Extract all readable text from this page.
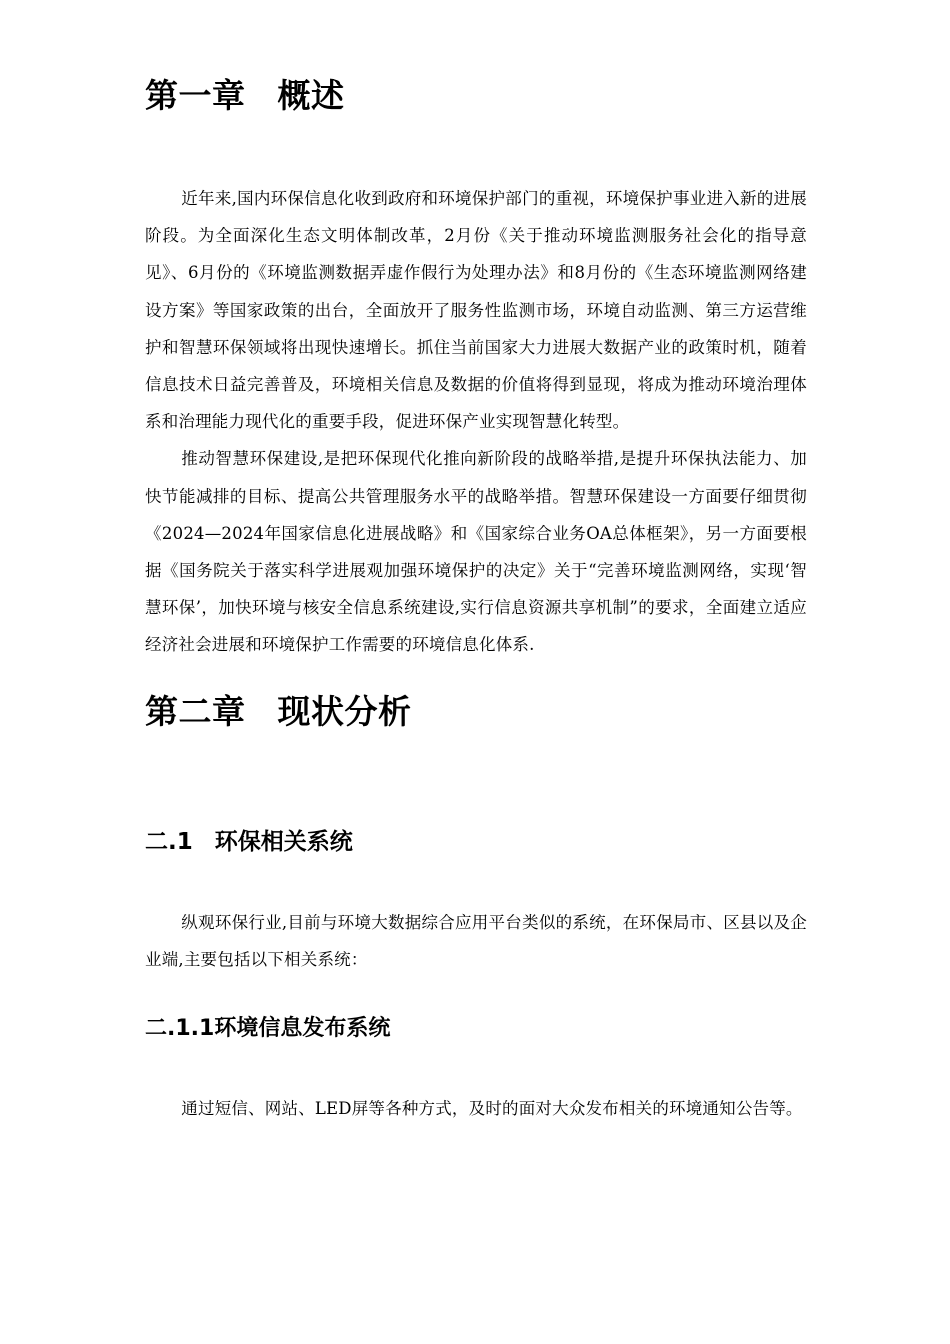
第一章 概述

近年来,国内环保信息化收到政府和环境保护部门的重视，环境保护事业进入新的进展阶段。为全面深化生态文明体制改革，2月份《关于推动环境监测服务社会化的指导意见》、6月份的《环境监测数据弄虚作假行为处理办法》和8月份的《生态环境监测网络建设方案》等国家政策的出台，全面放开了服务性监测市场，环境自动监测、第三方运营维护和智慧环保领域将出现快速增长。抓住当前国家大力进展大数据产业的政策时机，随着信息技术日益完善普及，环境相关信息及数据的价值将得到显现，将成为推动环境治理体系和治理能力现代化的重要手段，促进环保产业实现智慧化转型。

推动智慧环保建设,是把环保现代化推向新阶段的战略举措,是提升环保执法能力、加快节能减排的目标、提高公共管理服务水平的战略举措。智慧环保建设一方面要仔细贯彻《2024—2024年国家信息化进展战略》和《国家综合业务OA总体框架》，另一方面要根据《国务院关于落实科学进展观加强环境保护的决定》关于“完善环境监测网络，实现‘智慧环保’，加快环境与核安全信息系统建设,实行信息资源共享机制”的要求，全面建立适应经济社会进展和环境保护工作需要的环境信息化体系.

第二章 现状分析
二.1 环保相关系统

纵观环保行业,目前与环境大数据综合应用平台类似的系统，在环保局市、区县以及企业端,主要包括以下相关系统：

二.1.1环境信息发布系统

通过短信、网站、LED屏等各种方式，及时的面对大众发布相关的环境通知公告等。
